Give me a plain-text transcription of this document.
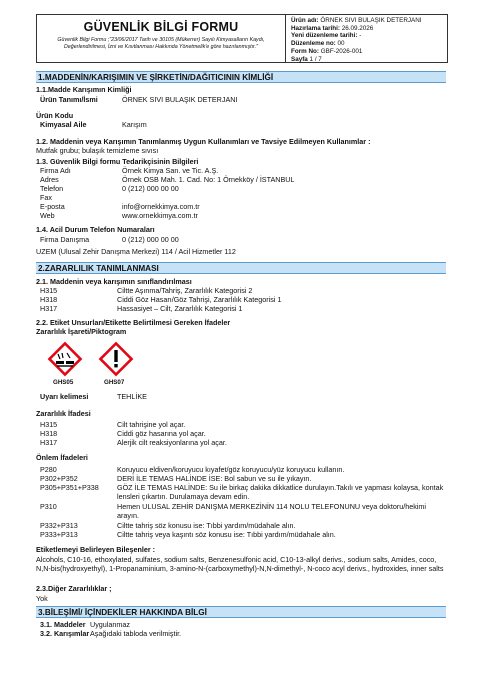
GÜVENLİK BİLGİ FORMU
Güvenlik Bilgi Formu ;"23/06/2017 Tarih ve 30105 (Mükerrer) Sayılı Kimyasalların Kaydı, Değerlendirilmesi, İzni ve Kısıtlanması Hakkında Yönetmelik'e göre hazırlanmıştır."
Ürün adı: ÖRNEK SIVI BULAŞIK DETERJANI
Hazırlama tarihi: 26.09.2026
Yeni düzenleme tarihi: -
Düzenleme no: 00
Form No: GBF-2026-001
Sayfa 1 / 7
1.MADDENİN/KARIŞIMIN VE ŞİRKETİN/DAĞITICININ KİMLİĞİ
1.1.Madde Karışımın Kimliği
Ürün Tanımı/İsmi	ÖRNEK SIVI BULAŞIK DETERJANI
Ürün Kodu
Kimyasal Aile	Karışım
1.2. Maddenin veya Karışımın Tanımlanmış Uygun Kullanımları ve Tavsiye Edilmeyen Kullanımlar :
Mutfak grubu; bulaşık temizleme sıvısı
1.3. Güvenlik Bilgi formu Tedarikçisinin Bilgileri
Firma Adı	Örnek Kimya San. ve Tic. A.Ş.
Adres	Örnek OSB Mah. 1. Cad. No: 1 Örnekköy / İSTANBUL
Telefon	0 (212) 000 00 00
Fax
E-posta	info@ornekkimya.com.tr
Web	www.ornekkimya.com.tr
1.4. Acil Durum Telefon Numaraları
Firma Danışma	0 (212) 000 00 00
UZEM (Ulusal Zehir Danışma Merkezi) 114 / Acil Hizmetler 112
2.ZARARLILIK TANIMLANMASI
2.1. Maddenin veya karışımın sınıflandırılması
H315	Ciltte Aşınma/Tahriş, Zararlılık Kategorisi 2
H318	Ciddi Göz Hasarı/Göz Tahrişi, Zararlılık Kategorisi 1
H317	Hassasiyet – Cilt, Zararlılık Kategorisi 1
2.2. Etiket Unsurları/Etikette Belirtilmesi Gereken İfadeler
Zararlılık İşareti/Piktogram
GHS05	GHS07
Uyarı kelimesi	TEHLİKE
Zararlılık İfadesi
H315	Cilt tahrişine yol açar.
H318	Ciddi göz hasarına yol açar.
H317	Alerjik cilt reaksiyonlarına yol açar.
Önlem İfadeleri
P280	Koruyucu eldiven/koruyucu kıyafet/göz koruyucu/yüz koruyucu kullanın.
P302+P352	DERİ İLE TEMAS HALİNDE İSE: Bol sabun ve su ile yıkayın.
P305+P351+P338	GÖZ İLE TEMAS HALİNDE: Su ile birkaç dakika dikkatlice durulayın.Takılı ve yapması kolaysa, kontak lensleri çıkartın. Durulamaya devam edin.
P310	Hemen ULUSAL ZEHİR DANIŞMA MERKEZİNİN 114 NOLU TELEFONUNU veya doktoru/hekimi arayın.
P332+P313	Ciltte tahriş söz konusu ise: Tıbbi yardım/müdahale alın.
P333+P313	Ciltte tahriş veya kaşıntı söz konusu ise: Tıbbi yardım/müdahale alın.
Etiketlemeyi Belirleyen Bileşenler :
Alcohols, C10-16, ethoxylated, sulfates, sodium salts, Benzenesulfonic acid, C10-13-alkyl derivs., sodium salts, Amides, coco, N,N-bis(hydroxyethyl), 1-Propanaminium, 3-amino-N-(carboxymethyl)-N,N-dimethyl-, N-coco acyl derivs., hydroxides, inner salts
2.3.Diğer Zararlılıklar ;
Yok
3.BİLEŞİMİ/ İÇİNDEKİLER HAKKINDA BİLGİ
3.1. Maddeler Uygulanmaz
3.2. Karışımlar Aşağıdaki tabloda verilmiştir.
